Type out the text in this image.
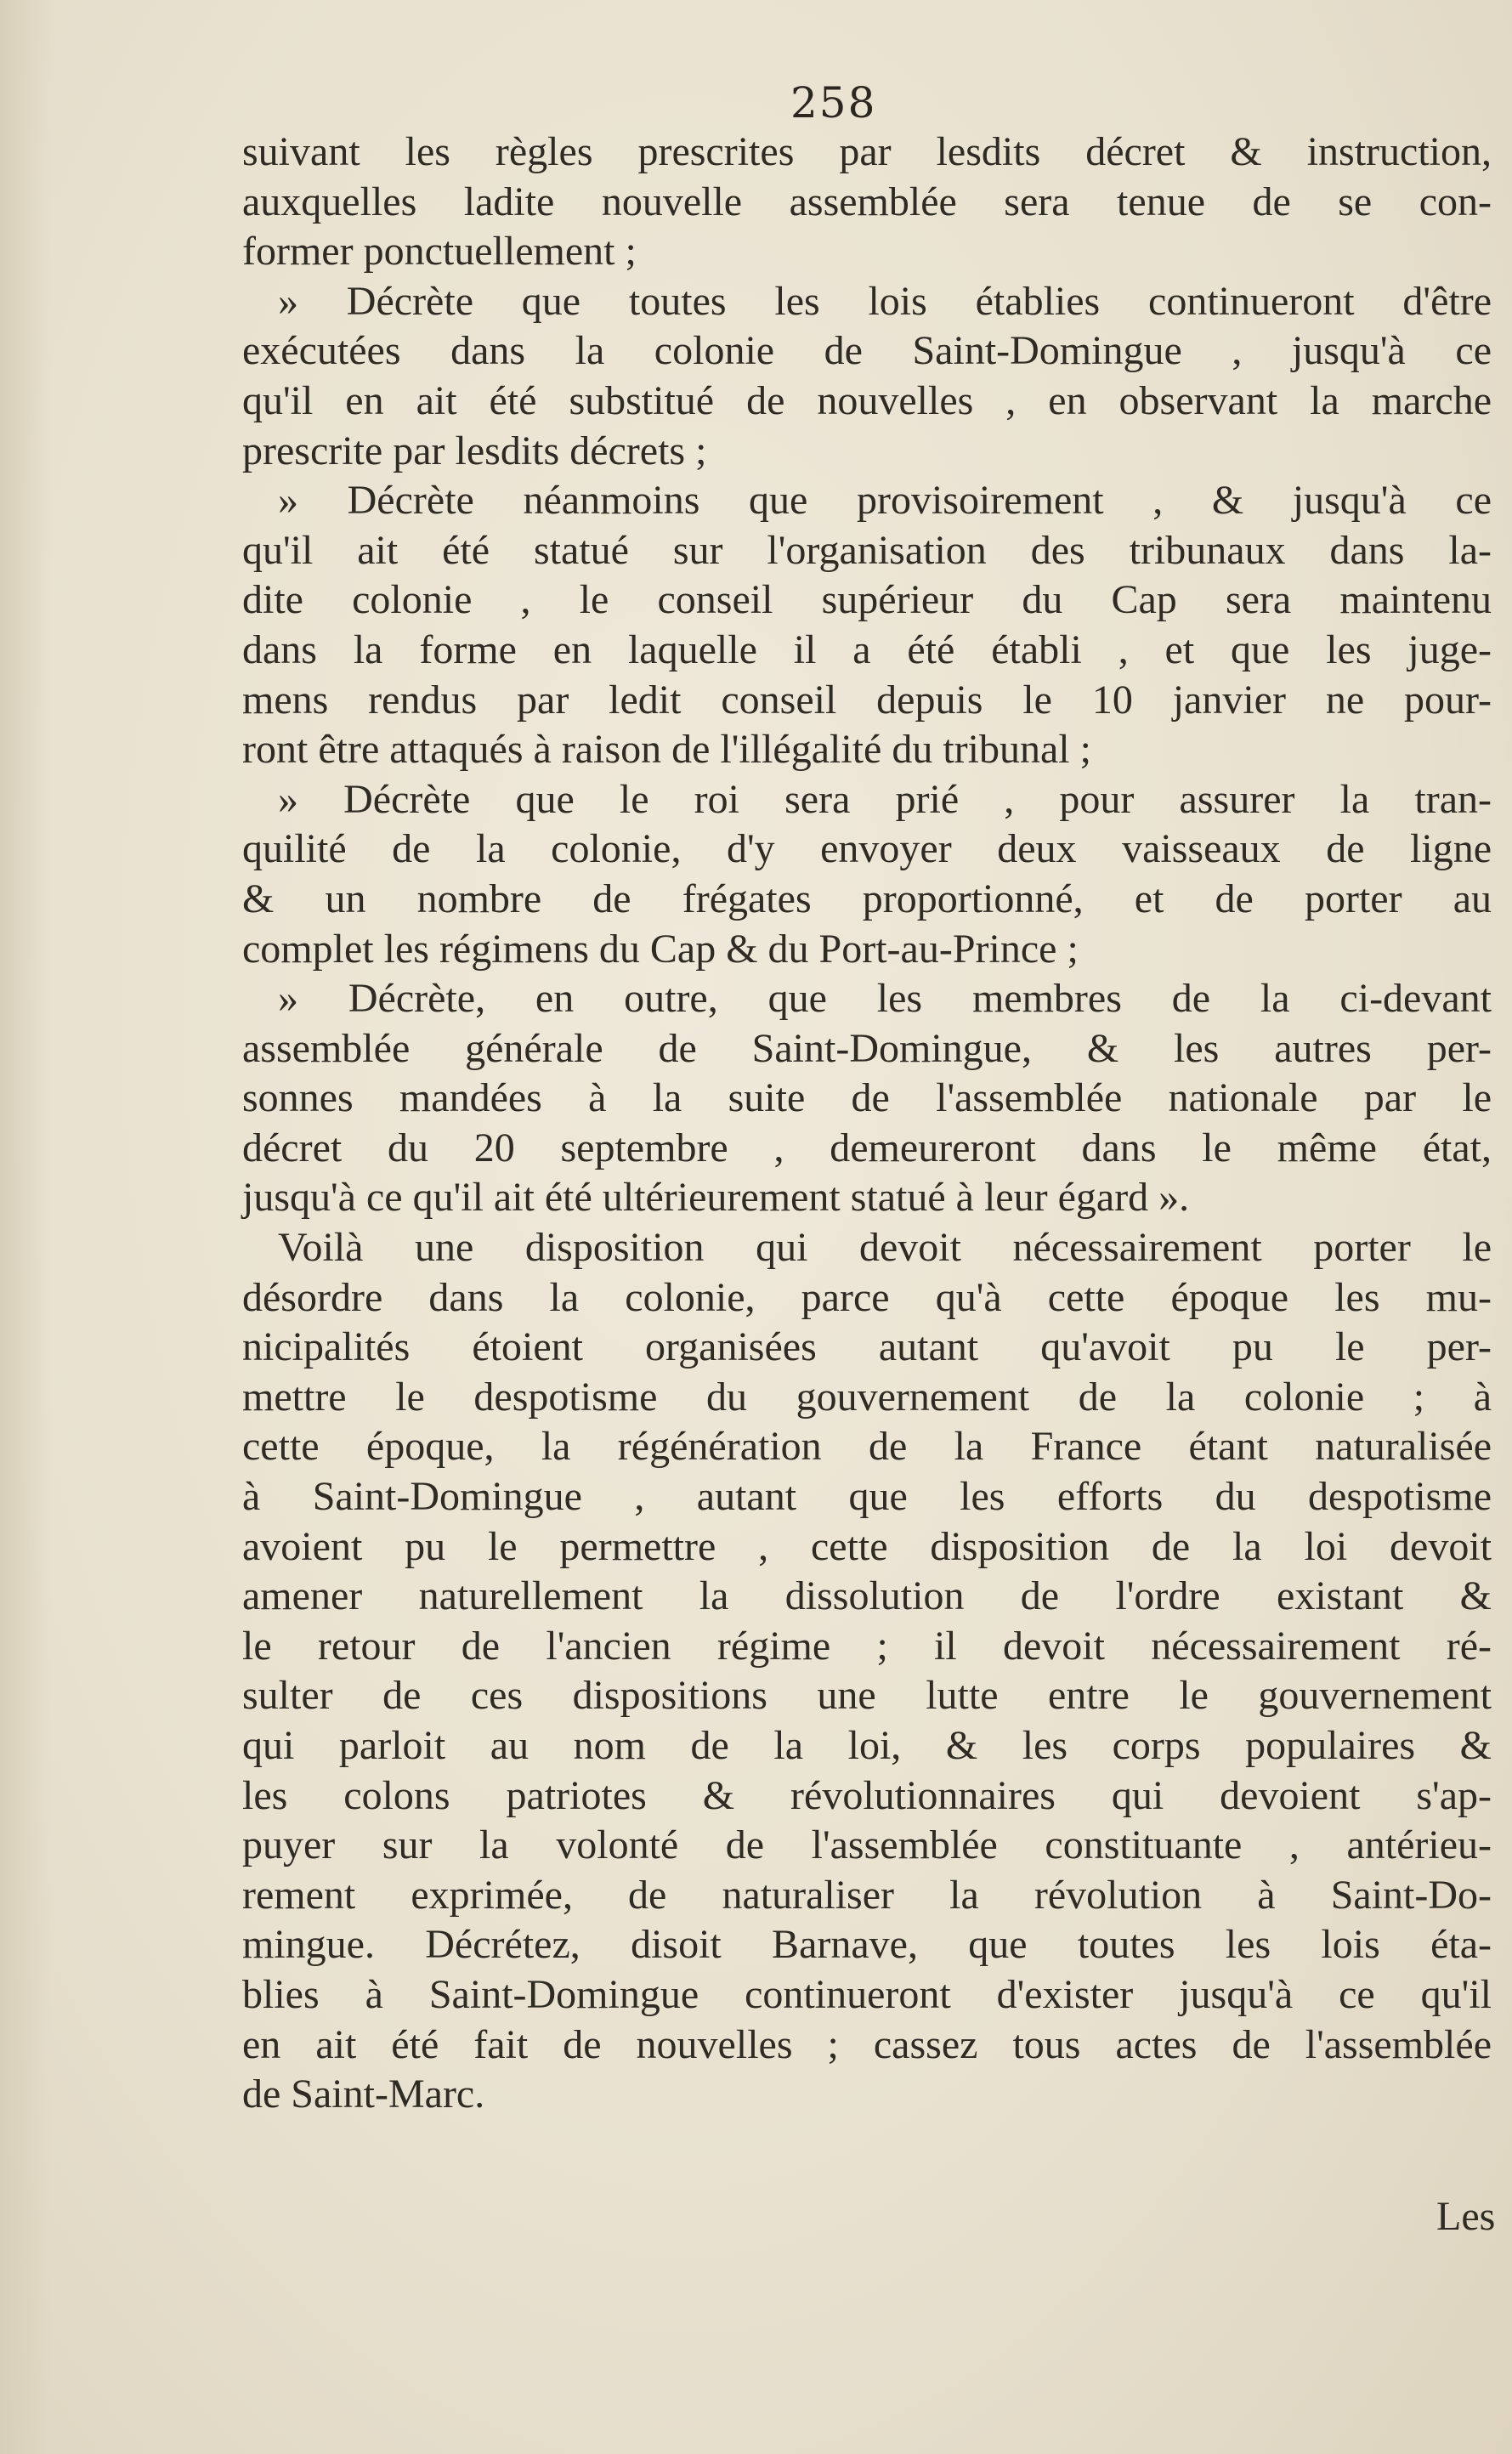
258
suivant les règles prescrites par lesdits décret & instruction,
auxquelles ladite nouvelle assemblée sera tenue de se con-
former ponctuellement ;
» Décrète que toutes les lois établies continueront d'être
exécutées dans la colonie de Saint-Domingue , jusqu'à ce
qu'il en ait été substitué de nouvelles , en observant la marche
prescrite par lesdits décrets ;
» Décrète néanmoins que provisoirement , & jusqu'à ce
qu'il ait été statué sur l'organisation des tribunaux dans la-
dite colonie , le conseil supérieur du Cap sera maintenu
dans la forme en laquelle il a été établi , et que les juge-
mens rendus par ledit conseil depuis le 10 janvier ne pour-
ront être attaqués à raison de l'illégalité du tribunal ;
» Décrète que le roi sera prié , pour assurer la tran-
quilité de la colonie, d'y envoyer deux vaisseaux de ligne
& un nombre de frégates proportionné, et de porter au
complet les régimens du Cap & du Port-au-Prince ;
» Décrète, en outre, que les membres de la ci-devant
assemblée générale de Saint-Domingue, & les autres per-
sonnes mandées à la suite de l'assemblée nationale par le
décret du 20 septembre , demeureront dans le même état,
jusqu'à ce qu'il ait été ultérieurement statué à leur égard ».
Voilà une disposition qui devoit nécessairement porter le
désordre dans la colonie, parce qu'à cette époque les mu-
nicipalités étoient organisées autant qu'avoit pu le per-
mettre le despotisme du gouvernement de la colonie ; à
cette époque, la régénération de la France étant naturalisée
à Saint-Domingue , autant que les efforts du despotisme
avoient pu le permettre , cette disposition de la loi devoit
amener naturellement la dissolution de l'ordre existant &
le retour de l'ancien régime ; il devoit nécessairement ré-
sulter de ces dispositions une lutte entre le gouvernement
qui parloit au nom de la loi, & les corps populaires &
les colons patriotes & révolutionnaires qui devoient s'ap-
puyer sur la volonté de l'assemblée constituante , antérieu-
rement exprimée, de naturaliser la révolution à Saint-Do-
mingue. Décrétez, disoit Barnave, que toutes les lois éta-
blies à Saint-Domingue continueront d'exister jusqu'à ce qu'il
en ait été fait de nouvelles ; cassez tous actes de l'assemblée
de Saint-Marc.
Les
